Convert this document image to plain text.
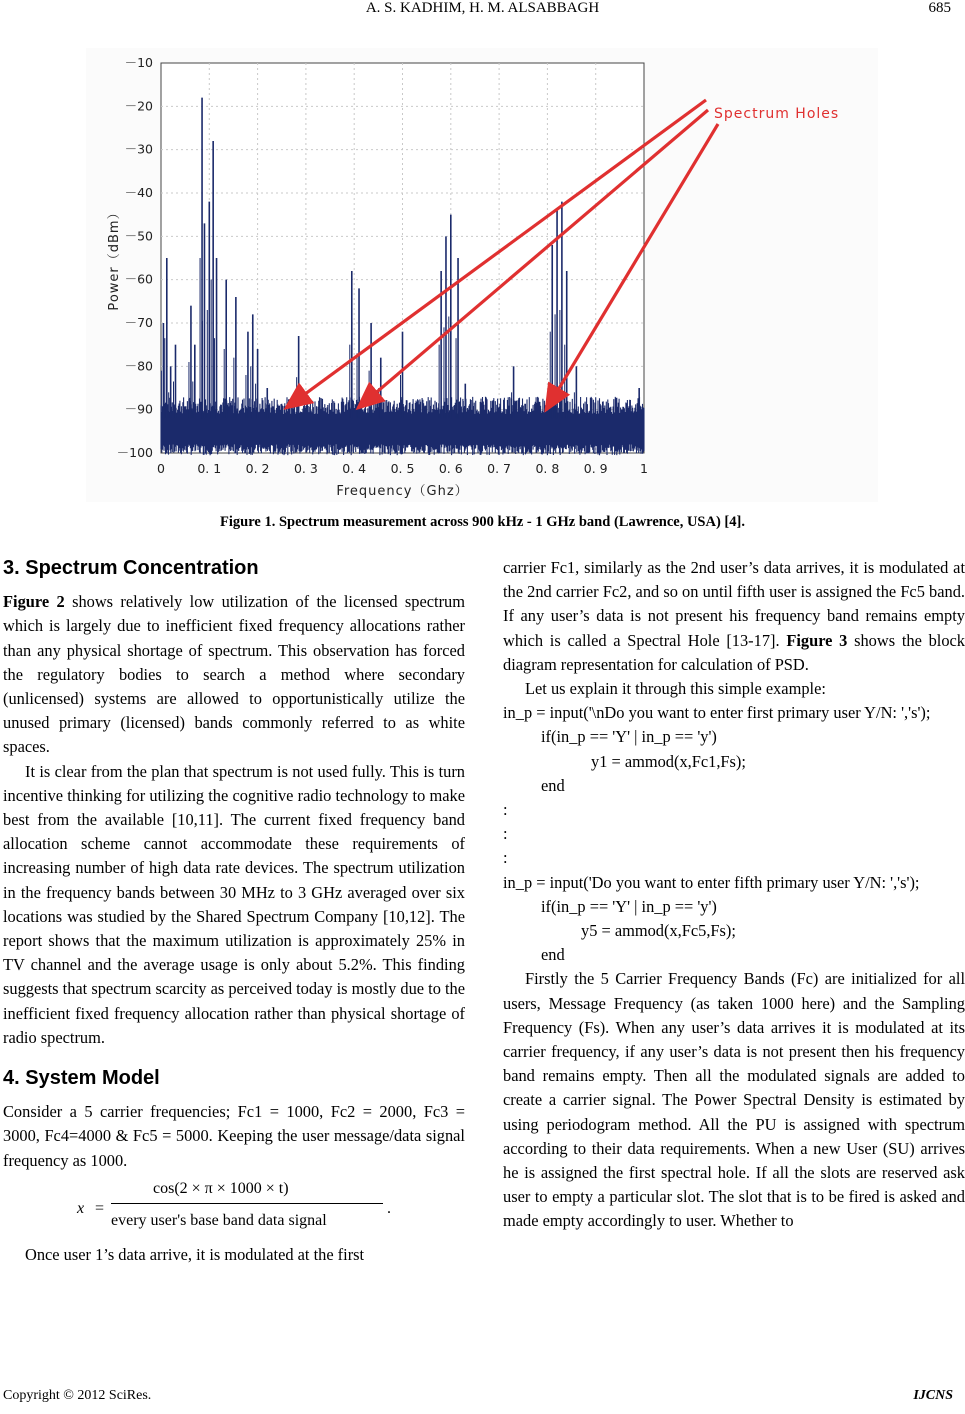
A. S. KADHIM, H. M. ALSABBAGH	685
0	0. 1 0. 2 0. 3 0. 4 0. 5 0. 6 0. 7 0. 8 0. 9	1
－10
－20
－30
－40
－50
－60
－70
－80
－90
－100
Frequency（Ghz）
Power（dBm）
Spectrum Holes
Figure 1. Spectrum measurement across 900 kHz - 1 GHz band (Lawrence, USA) [4].
3. Spectrum Concentration

Figure 2 shows relatively low utilization of the licensed spectrum which is largely due to inefficient fixed frequency allocations rather than any physical shortage of spectrum. This observation has forced the regulatory bodies to search a method where secondary (unlicensed) systems are allowed to opportunistically utilize the unused primary (licensed) bands commonly referred to as white spaces.

It is clear from the plan that spectrum is not used fully. This is turn incentive thinking for utilizing the cognitive radio technology to make best from the available [10,11]. The current fixed frequency band allocation scheme cannot accommodate these requirements of increasing number of high data rate devices. The spectrum utilization in the frequency bands between 30 MHz to 3 GHz averaged over six locations was studied by the Shared Spectrum Company [10,12]. The report shows that the maximum utilization is approximately 25% in TV channel and the average usage is only about 5.2%. This finding suggests that spectrum scarcity as perceived today is mostly due to the inefficient fixed frequency allocation rather than physical shortage of radio spectrum.

4. System Model

Consider a 5 carrier frequencies; Fc1 = 1000, Fc2 = 2000, Fc3 = 3000, Fc4=4000 & Fc5 = 5000. Keeping the user message/data signal frequency as 1000.

x =
cos(2 × π × 1000 × t)
every user's base band data signal
.

Once user 1’s data arrive, it is modulated at the first

carrier Fc1, similarly as the 2nd user’s data arrives, it is modulated at the 2nd carrier Fc2, and so on until fifth user is assigned the Fc5 band. If any user’s data is not present his frequency band remains empty which is called a Spectral Hole [13-17]. Figure 3 shows the block diagram representation for calculation of PSD.

Let us explain it through this simple example:

in_p = input('\nDo you want to enter first primary user Y/N: ','s');

if(in_p == 'Y' | in_p == 'y')

y1 = ammod(x,Fc1,Fs);

end

:

:

:

in_p = input('Do you want to enter fifth primary user Y/N: ','s');

if(in_p == 'Y' | in_p == 'y')

y5 = ammod(x,Fc5,Fs);

end

Firstly the 5 Carrier Frequency Bands (Fc) are initialized for all users, Message Frequency (as taken 1000 here) and the Sampling Frequency (Fs). When any user’s data arrives it is modulated at its carrier frequency, if any user’s data is not present then his frequency band remains empty. Then all the modulated signals are added to create a carrier signal. The Power Spectral Density is estimated by using periodogram method. All the PU is assigned with spectrum according to their data requirements. When a new User (SU) arrives he is assigned the first spectral hole. If all the slots are reserved ask user to empty a particular slot. The slot that is to be fired is asked and made empty accordingly to user. Whether to

Copyright © 2012 SciRes.	IJCNS
